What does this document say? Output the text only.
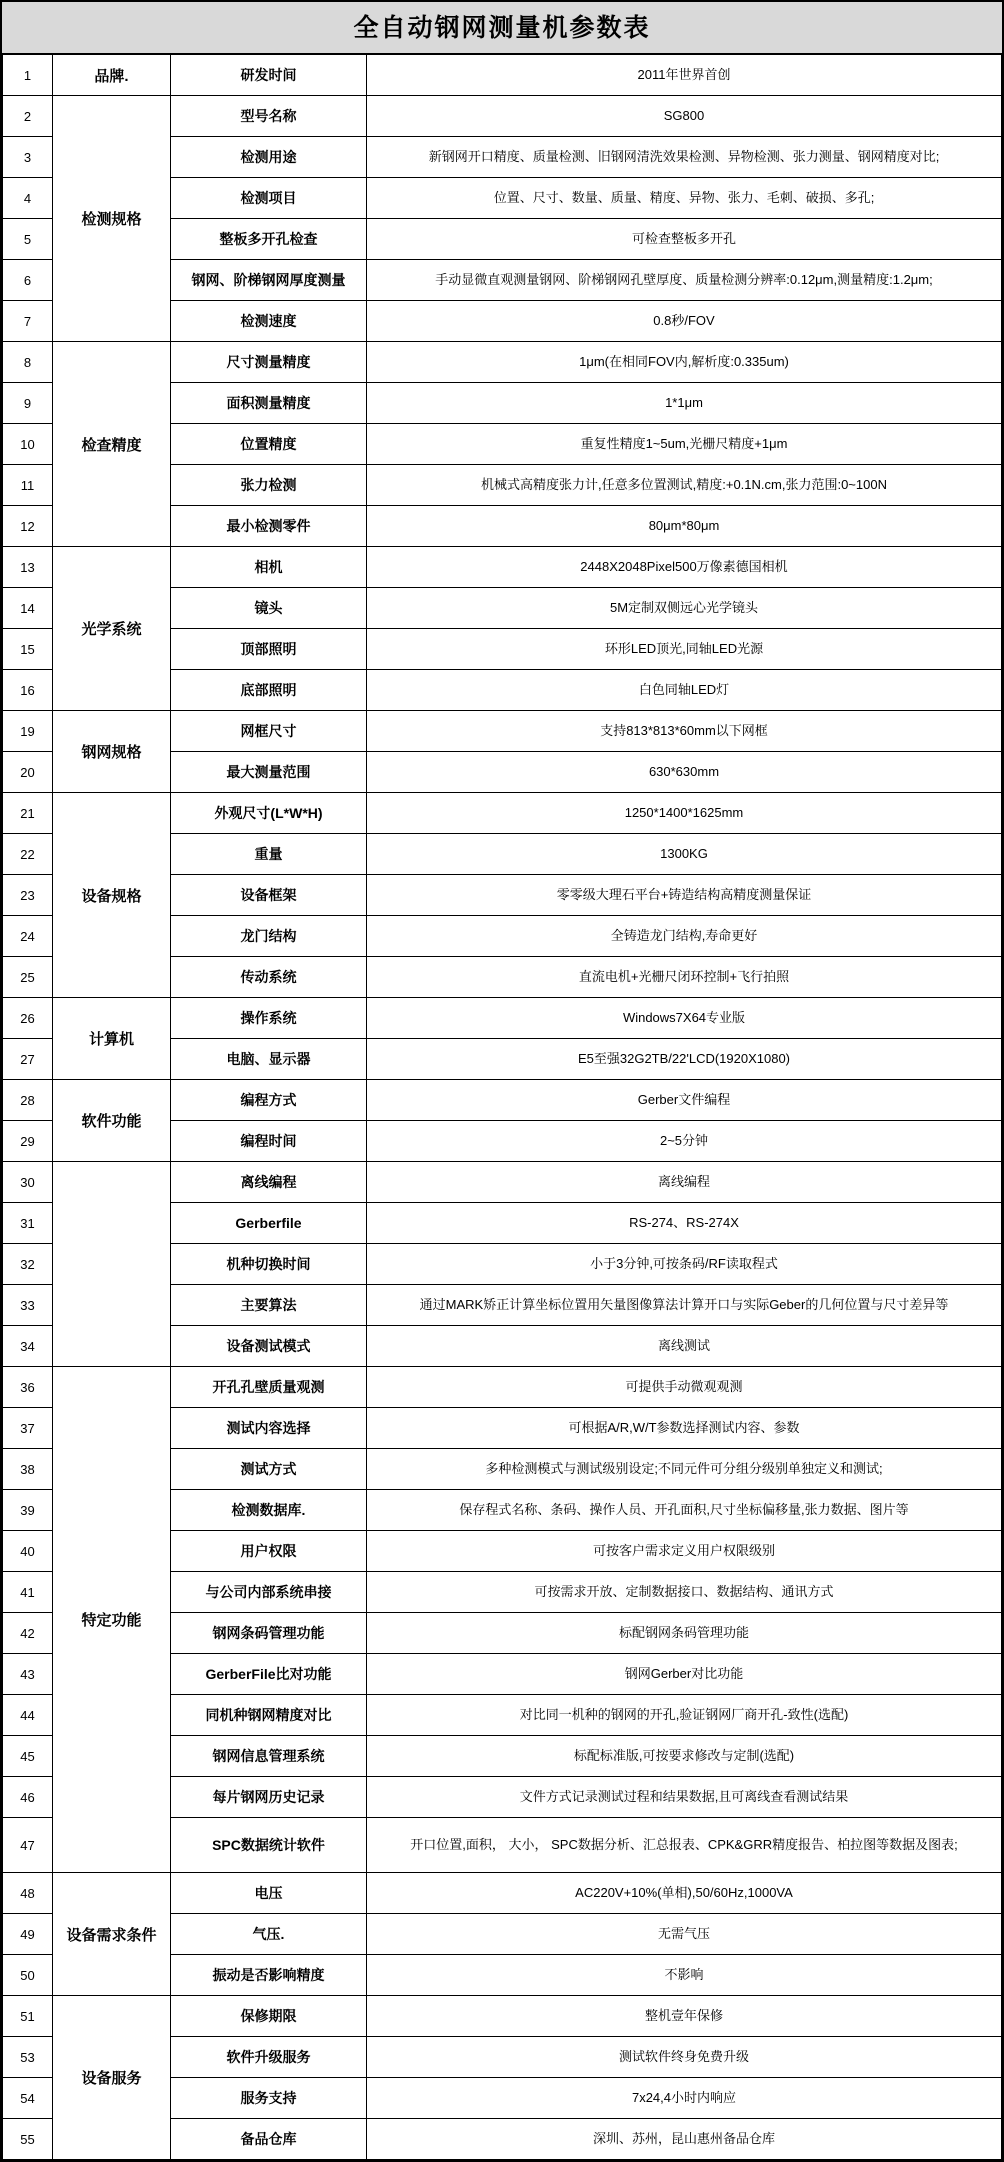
全自动钢网测量机参数表
1	品牌.	研发时间	2011年世界首创
2	检测规格	型号名称	SG800
3		检测用途	新钢网开口精度、质量检测、旧钢网清洗效果检测、异物检测、张力测量、钢网精度对比;
4		检测项目	位置、尺寸、数量、质量、精度、异物、张力、毛刺、破损、多孔;
5		整板多开孔检查	可检查整板多开孔
6		钢网、阶梯钢网厚度测量	手动显微直观测量钢网、阶梯钢网孔壁厚度、质量检测分辨率:0.12μm,测量精度:1.2μm;
7		检测速度	0.8秒/FOV
8	检查精度	尺寸测量精度	1μm(在相同FOV内,解析度:0.335um)
9		面积测量精度	1*1μm
10		位置精度	重复性精度1~5um,光栅尺精度+1μm
11		张力检测	机械式高精度张力计,任意多位置测试,精度:+0.1N.cm,张力范围:0~100N
12		最小检测零件	80μm*80μm
13	光学系统	相机	2448X2048Pixel500万像素德国相机
14		镜头	5M定制双侧远心光学镜头
15		顶部照明	环形LED顶光,同轴LED光源
16		底部照明	白色同轴LED灯
19	钢网规格	网框尺寸	支持813*813*60mm以下网框
20		最大测量范围	630*630mm
21	设备规格	外观尺寸(L*W*H)	1250*1400*1625mm
22		重量	1300KG
23		设备框架	零零级大理石平台+铸造结构高精度测量保证
24		龙门结构	全铸造龙门结构,寿命更好
25		传动系统	直流电机+光栅尺闭环控制+飞行拍照
26	计算机	操作系统	Windows7X64专业版
27		电脑、显示器	E5至强32G2TB/22'LCD(1920X1080)
28	软件功能	编程方式	Gerber文件编程
29		编程时间	2~5分钟
30		离线编程	离线编程
31		Gerberfile	RS-274、RS-274X
32		机种切换时间	小于3分钟,可按条码/RF读取程式
33		主要算法	通过MARK矫正计算坐标位置用矢量图像算法计算开口与实际Geber的几何位置与尺寸差异等
34		设备测试模式	离线测试
36	特定功能	开孔孔壁质量观测	可提供手动微观观测
37		测试内容选择	可根据A/R,W/T参数选择测试内容、参数
38		测试方式	多种检测模式与测试级别设定;不同元件可分组分级别单独定义和测试;
39		检测数据库.	保存程式名称、条码、操作人员、开孔面积,尺寸坐标偏移量,张力数据、图片等
40		用户权限	可按客户需求定义用户权限级别
41		与公司内部系统串接	可按需求开放、定制数据接口、数据结构、通讯方式
42		钢网条码管理功能	标配钢网条码管理功能
43		GerberFile比对功能	钢网Gerber对比功能
44		同机种钢网精度对比	对比同一机种的钢网的开孔,验证钢网厂商开孔-致性(选配)
45		钢网信息管理系统	标配标准版,可按要求修改与定制(选配)
46		每片钢网历史记录	文件方式记录测试过程和结果数据,且可离线查看测试结果
47		SPC数据统计软件	开口位置,面积， 大小， SPC数据分析、汇总报表、CPK&GRR精度报告、柏拉图等数据及图表;
48	设备需求条件	电压	AC220V+10%(单相),50/60Hz,1000VA
49		气压.	无需气压
50		振动是否影响精度	不影响
51	设备服务	保修期限	整机壹年保修
53		软件升级服务	测试软件终身免费升级
54		服务支持	7x24,4小时内响应
55		备品仓库	深圳、苏州，昆山惠州备品仓库
